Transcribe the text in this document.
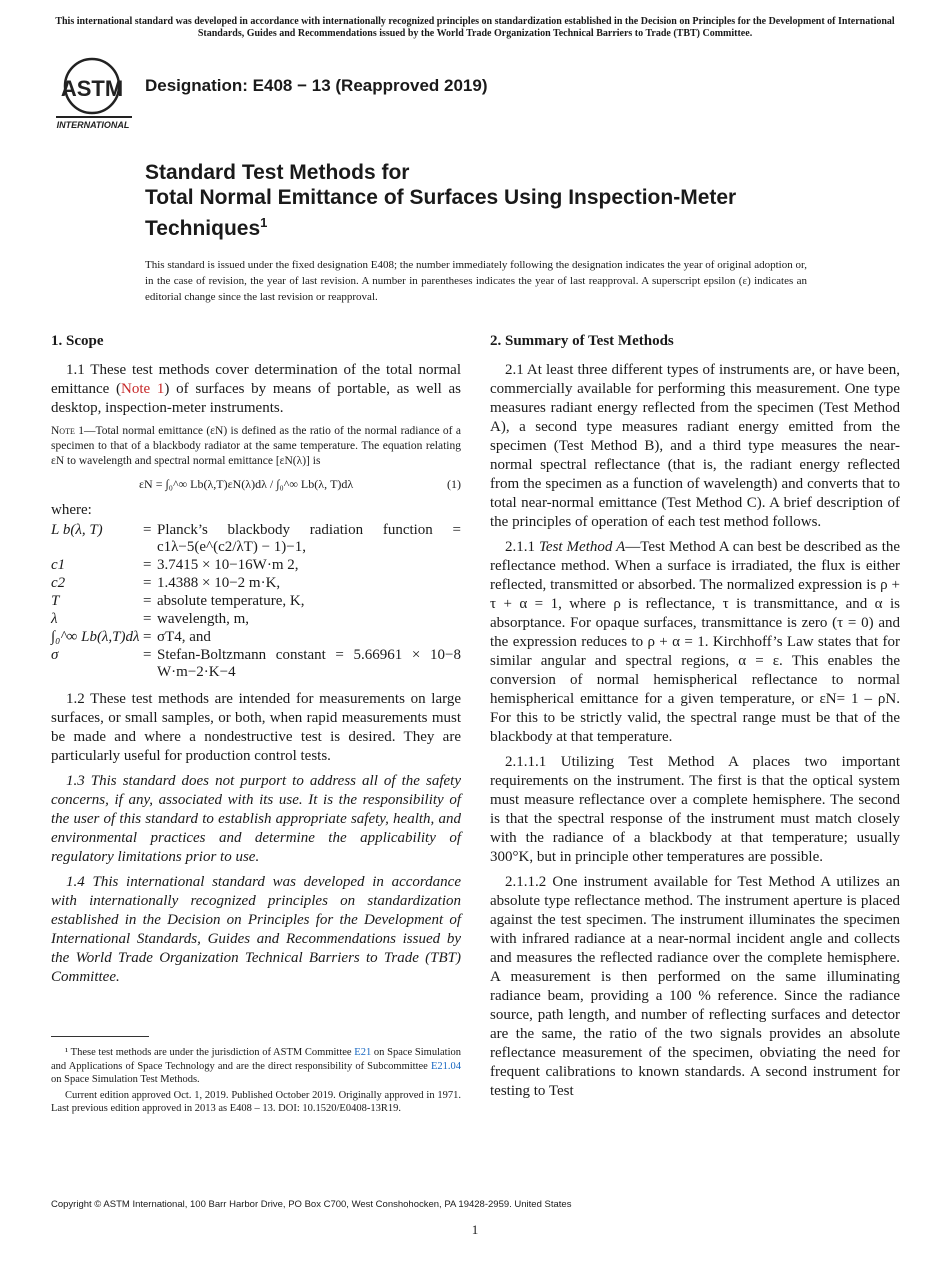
This international standard was developed in accordance with internationally recognized principles on standardization established in the Decision on Principles for the Development of International Standards, Guides and Recommendations issued by the World Trade Organization Technical Barriers to Trade (TBT) Committee.
ASTM
INTERNATIONAL
Designation: E408 − 13 (Reapproved 2019)
Standard Test Methods for
Total Normal Emittance of Surfaces Using Inspection-Meter
Techniques$^1$
This standard is issued under the fixed designation E408; the number immediately following the designation indicates the year of original adoption or, in the case of revision, the year of last revision. A number in parentheses indicates the year of last reapproval. A superscript epsilon (ε) indicates an editorial change since the last revision or reapproval.
1. Scope

1.1 These test methods cover determination of the total normal emittance (Note 1) of surfaces by means of portable, as well as desktop, inspection-meter instruments.

Note 1—Total normal emittance (εN) is defined as the ratio of the normal radiance of a specimen to that of a blackbody radiator at the same temperature. The equation relating εN to wavelength and spectral normal emittance [εN(λ)] is
εN = ∫₀^∞ Lb(λ,T)εN(λ)dλ / ∫₀^∞ Lb(λ, T)dλ	(1)
where:
L b(λ, T)	=	Planck’s blackbody radiation function = c1λ−5(e^(c2/λT) − 1)−1,
c1	=	3.7415 × 10−16W·m 2,
c2	=	1.4388 × 10−2 m·K,
T	=	absolute temperature, K,
λ	=	wavelength, m,
∫₀^∞ Lb(λ,T)dλ	=	σT4, and
σ	=	Stefan-Boltzmann constant = 5.66961 × 10−8 W·m−2·K−4

1.2 These test methods are intended for measurements on large surfaces, or small samples, or both, when rapid measurements must be made and where a nondestructive test is desired. They are particularly useful for production control tests.

1.3 This standard does not purport to address all of the safety concerns, if any, associated with its use. It is the responsibility of the user of this standard to establish appropriate safety, health, and environmental practices and determine the applicability of regulatory limitations prior to use.

1.4 This international standard was developed in accordance with internationally recognized principles on standardization established in the Decision on Principles for the Development of International Standards, Guides and Recommendations issued by the World Trade Organization Technical Barriers to Trade (TBT) Committee.

2. Summary of Test Methods

2.1 At least three different types of instruments are, or have been, commercially available for performing this measurement. One type measures radiant energy reflected from the specimen (Test Method A), a second type measures radiant energy emitted from the specimen (Test Method B), and a third type measures the near-normal spectral reflectance (that is, the radiant energy reflected from the specimen as a function of wavelength) and converts that to total near-normal emittance (Test Method C). A brief description of the principles of operation of each test method follows.

2.1.1 Test Method A—Test Method A can best be described as the reflectance method. When a surface is irradiated, the flux is either reflected, transmitted or absorbed. The normalized expression is ρ + τ + α = 1, where ρ is reflectance, τ is transmittance, and α is absorptance. For opaque surfaces, transmittance is zero (τ = 0) and the expression reduces to ρ + α = 1. Kirchhoff’s Law states that for similar angular and spectral regions, α = ε. This enables the conversion of normal hemispherical reflectance to normal hemispherical emittance for a given temperature, or εN= 1 – ρN. For this to be strictly valid, the spectral range must be that of the blackbody at that temperature.

2.1.1.1 Utilizing Test Method A places two important requirements on the instrument. The first is that the optical system must measure reflectance over a complete hemisphere. The second is that the spectral response of the instrument must match closely with the radiance of a blackbody at that temperature; usually 300°K, but in principle other temperatures are possible.

2.1.1.2 One instrument available for Test Method A utilizes an absolute type reflectance method. The instrument aperture is placed against the test specimen. The instrument illuminates the specimen with infrared radiance at a near-normal incident angle and collects and measures the reflected radiance over the complete hemisphere. A measurement is then performed on the same illuminating radiance beam, providing a 100 % reference. Since the radiance source, path length, and number of reflecting surfaces and detector are the same, the ratio of the two signals provides an absolute reflectance measurement of the specimen, obviating the need for frequent calibrations to known standards. A second instrument for testing to Test

¹ These test methods are under the jurisdiction of ASTM Committee E21 on Space Simulation and Applications of Space Technology and are the direct responsibility of Subcommittee E21.04 on Space Simulation Test Methods.

Current edition approved Oct. 1, 2019. Published October 2019. Originally approved in 1971. Last previous edition approved in 2013 as E408 – 13. DOI: 10.1520/E0408-13R19.

Copyright © ASTM International, 100 Barr Harbor Drive, PO Box C700, West Conshohocken, PA 19428-2959. United States
1
